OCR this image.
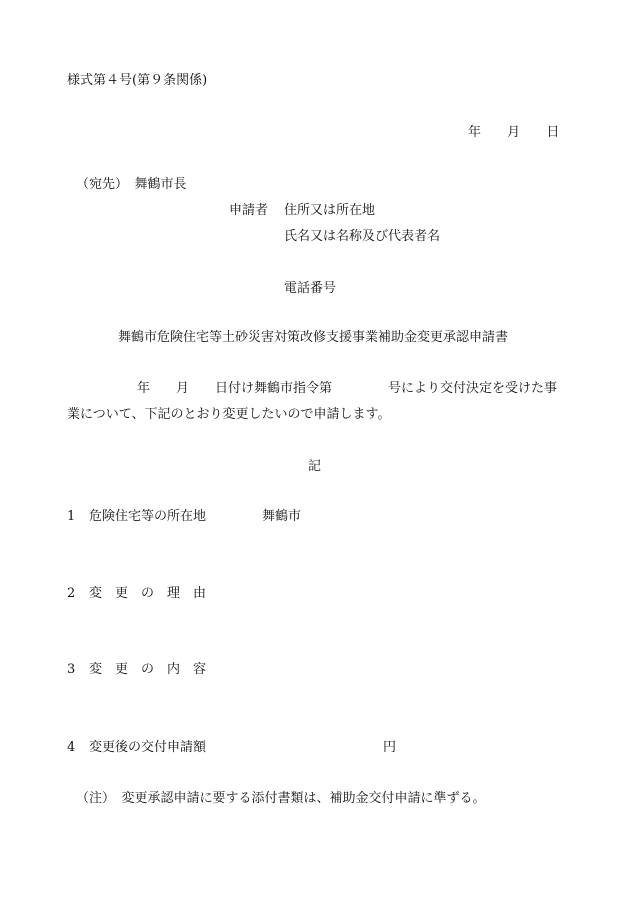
様式第４号(第９条関係)
年 月 日
（宛先）　舞鶴市長
申請者 住所又は所在地
氏名又は名称及び代表者名
電話番号
舞鶴市危険住宅等土砂災害対策改修支援事業補助金変更承認申請書
年 月 日付け舞鶴市指令第	号により交付決定を受けた事
業について、下記のとおり変更したいので申請します。
記
1 危険住宅等の所在地	舞鶴市
2 変　更　の　理　由
3 変　更　の　内　容
4 変更後の交付申請額	円
（注）　変更承認申請に要する添付書類は、補助金交付申請に準ずる。
